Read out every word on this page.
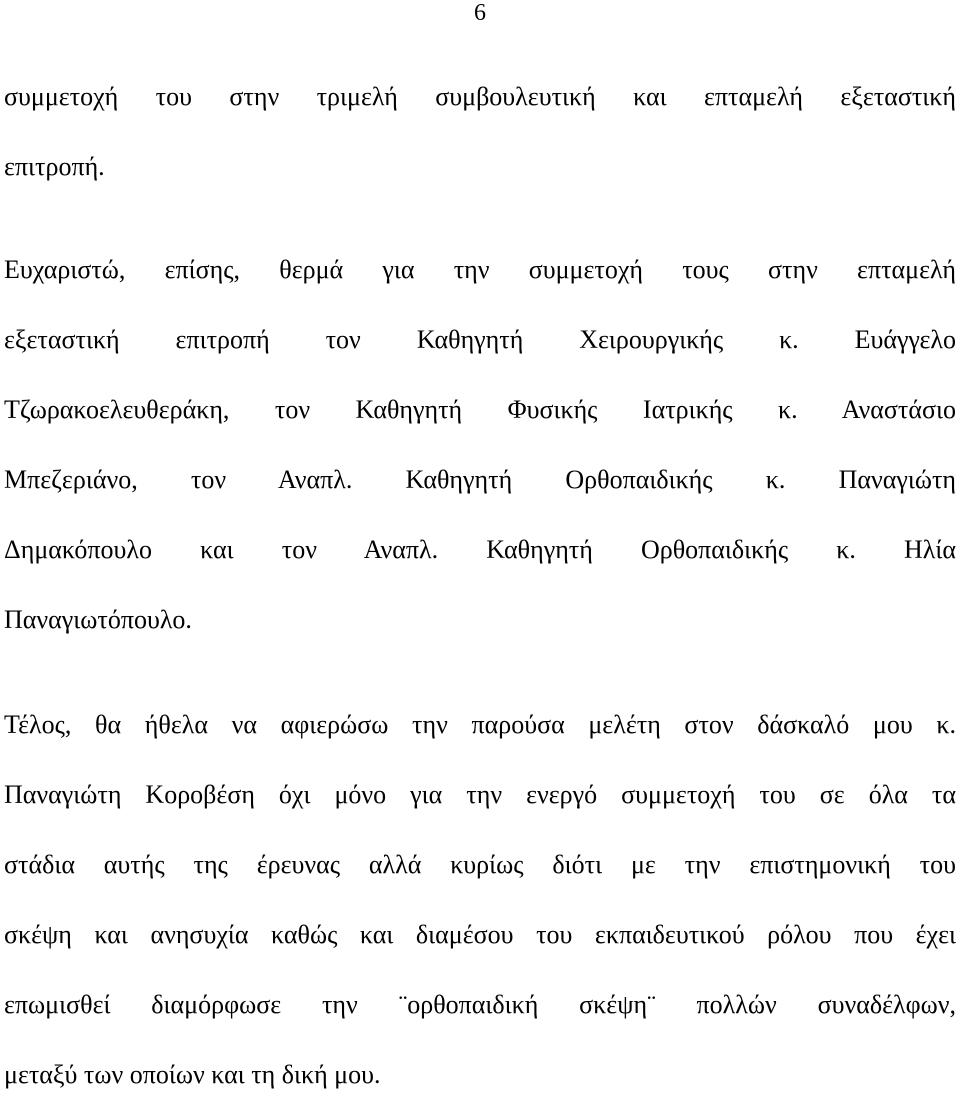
6
συμμετοχή του στην τριμελή συμβουλευτική και επταμελή εξεταστική
επιτροπή.
Ευχαριστώ, επίσης, θερμά για την συμμετοχή τους στην επταμελή
εξεταστική επιτροπή τον Καθηγητή Χειρουργικής κ. Ευάγγελο
Τζωρακοελευθεράκη, τον Καθηγητή Φυσικής Ιατρικής κ. Αναστάσιο
Μπεζεριάνο, τον Αναπλ. Καθηγητή Ορθοπαιδικής κ. Παναγιώτη
Δημακόπουλο και τον Αναπλ. Καθηγητή Ορθοπαιδικής κ. Ηλία
Παναγιωτόπουλο.
Τέλος, θα ήθελα να αφιερώσω την παρούσα μελέτη στον δάσκαλό μου κ.
Παναγιώτη Κοροβέση όχι μόνο για την ενεργό συμμετοχή του σε όλα τα
στάδια αυτής της έρευνας αλλά κυρίως διότι με την επιστημονική του
σκέψη και ανησυχία καθώς και διαμέσου του εκπαιδευτικού ρόλου που έχει
επωμισθεί διαμόρφωσε την ¨ορθοπαιδική σκέψη¨ πολλών συναδέλφων,
μεταξύ των οποίων και τη δική μου.
